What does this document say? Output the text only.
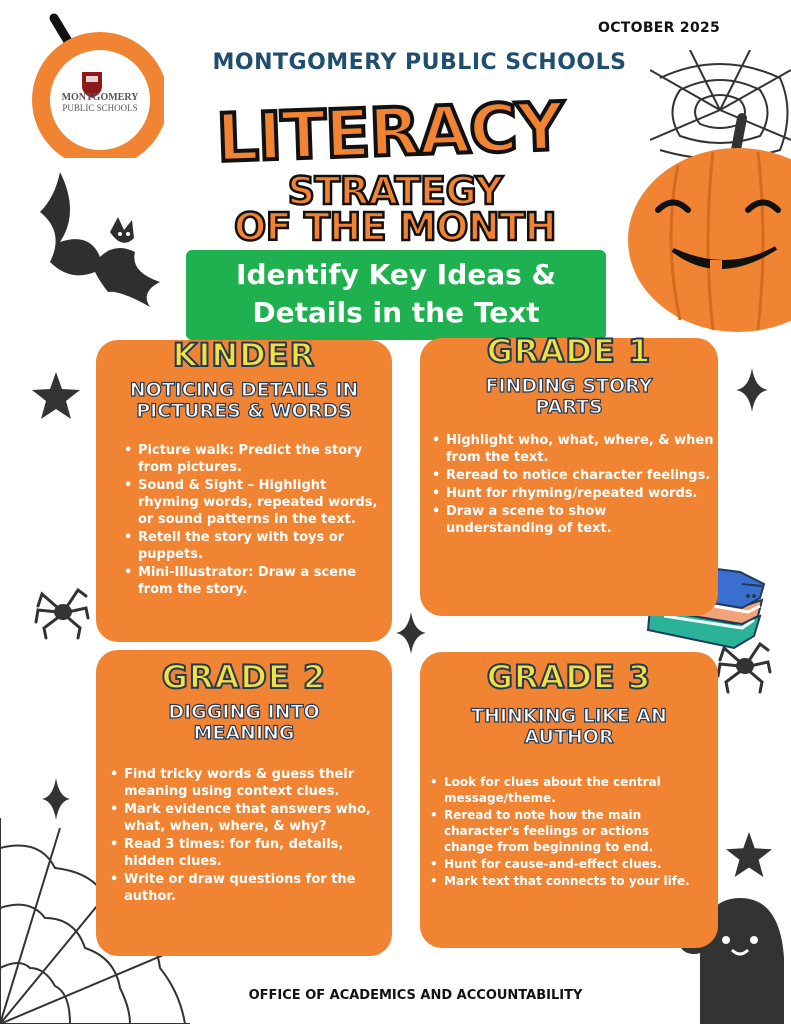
MONTGOMERY
PUBLIC SCHOOLS
OCTOBER 2025
MONTGOMERY PUBLIC SCHOOLS
LITERACY
STRATEGY
OF THE MONTH
Identify Key Ideas &
Details in the Text
KINDER
NOTICING DETAILS IN
PICTURES & WORDS
• Picture walk: Predict the story from pictures.
• Sound & Sight – Highlight rhyming words, repeated words, or sound patterns in the text.
• Retell the story with toys or puppets.
• Mini-Illustrator: Draw a scene from the story.
GRADE 1
FINDING STORY
PARTS
• Highlight who, what, where, & when from the text.
• Reread to notice character feelings.
• Hunt for rhyming/repeated words.
• Draw a scene to show understanding of text.
GRADE 2
DIGGING INTO
MEANING
• Find tricky words & guess their meaning using context clues.
• Mark evidence that answers who, what, when, where, & why?
• Read 3 times: for fun, details, hidden clues.
• Write or draw questions for the author.
GRADE 3
THINKING LIKE AN
AUTHOR
• Look for clues about the central message/theme.
• Reread to note how the main character's feelings or actions change from beginning to end.
• Hunt for cause-and-effect clues.
• Mark text that connects to your life.
OFFICE OF ACADEMICS AND ACCOUNTABILITY
